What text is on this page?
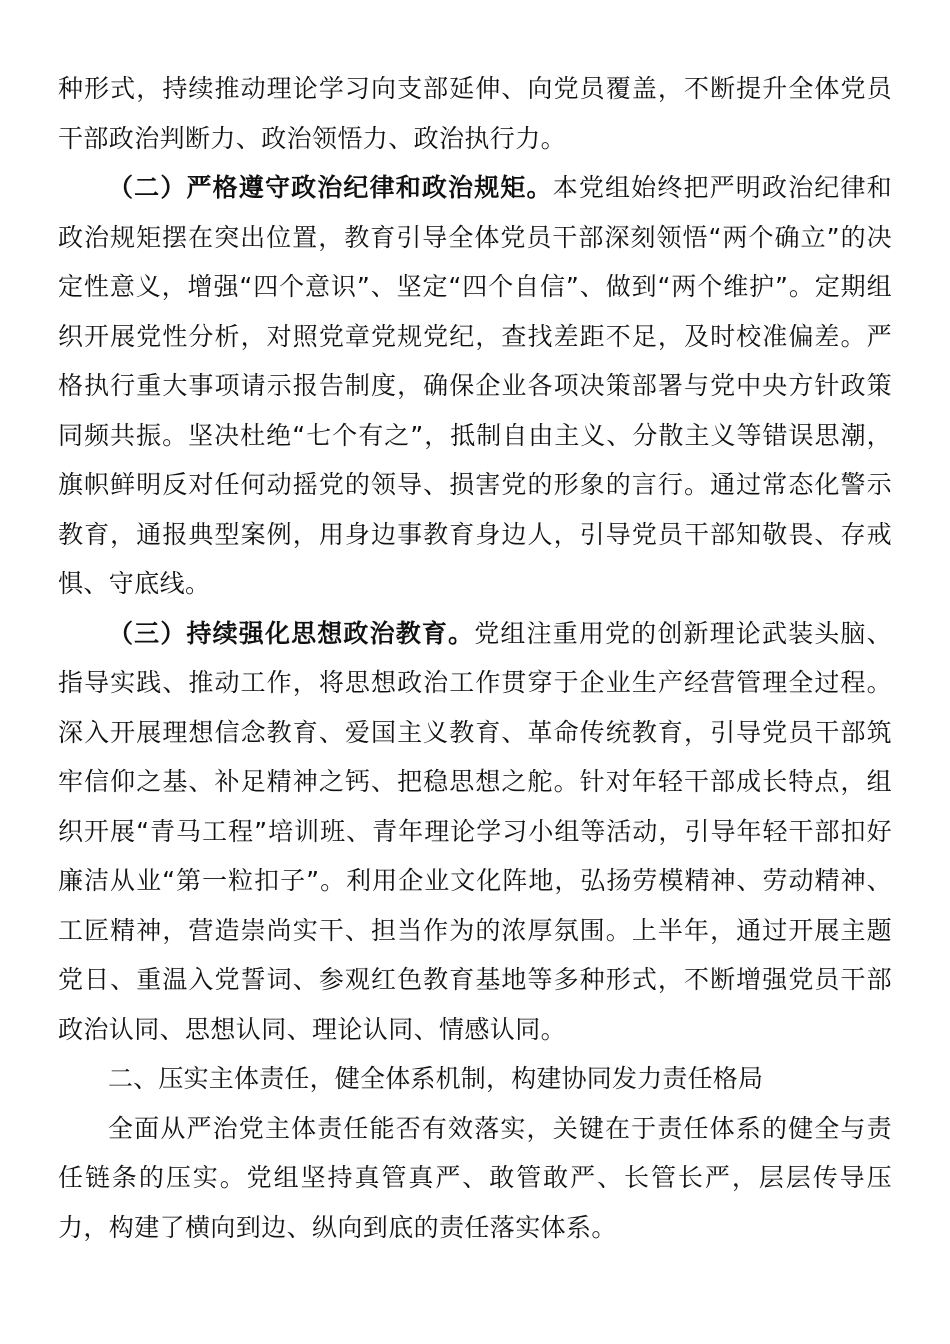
种形式，持续推动理论学习向支部延伸、向党员覆盖，不断提升全体党员干部政治判断力、政治领悟力、政治执行力。

（二）严格遵守政治纪律和政治规矩。本党组始终把严明政治纪律和政治规矩摆在突出位置，教育引导全体党员干部深刻领悟“两个确立”的决定性意义，增强“四个意识”、坚定“四个自信”、做到“两个维护”。定期组织开展党性分析，对照党章党规党纪，查找差距不足，及时校准偏差。严格执行重大事项请示报告制度，确保企业各项决策部署与党中央方针政策同频共振。坚决杜绝“七个有之”，抵制自由主义、分散主义等错误思潮，旗帜鲜明反对任何动摇党的领导、损害党的形象的言行。通过常态化警示教育，通报典型案例，用身边事教育身边人，引导党员干部知敬畏、存戒惧、守底线。

（三）持续强化思想政治教育。党组注重用党的创新理论武装头脑、指导实践、推动工作，将思想政治工作贯穿于企业生产经营管理全过程。深入开展理想信念教育、爱国主义教育、革命传统教育，引导党员干部筑牢信仰之基、补足精神之钙、把稳思想之舵。针对年轻干部成长特点，组织开展“青马工程”培训班、青年理论学习小组等活动，引导年轻干部扣好廉洁从业“第一粒扣子”。利用企业文化阵地，弘扬劳模精神、劳动精神、工匠精神，营造崇尚实干、担当作为的浓厚氛围。上半年，通过开展主题党日、重温入党誓词、参观红色教育基地等多种形式，不断增强党员干部政治认同、思想认同、理论认同、情感认同。

二、压实主体责任，健全体系机制，构建协同发力责任格局

全面从严治党主体责任能否有效落实，关键在于责任体系的健全与责任链条的压实。党组坚持真管真严、敢管敢严、长管长严，层层传导压力，构建了横向到边、纵向到底的责任落实体系。
